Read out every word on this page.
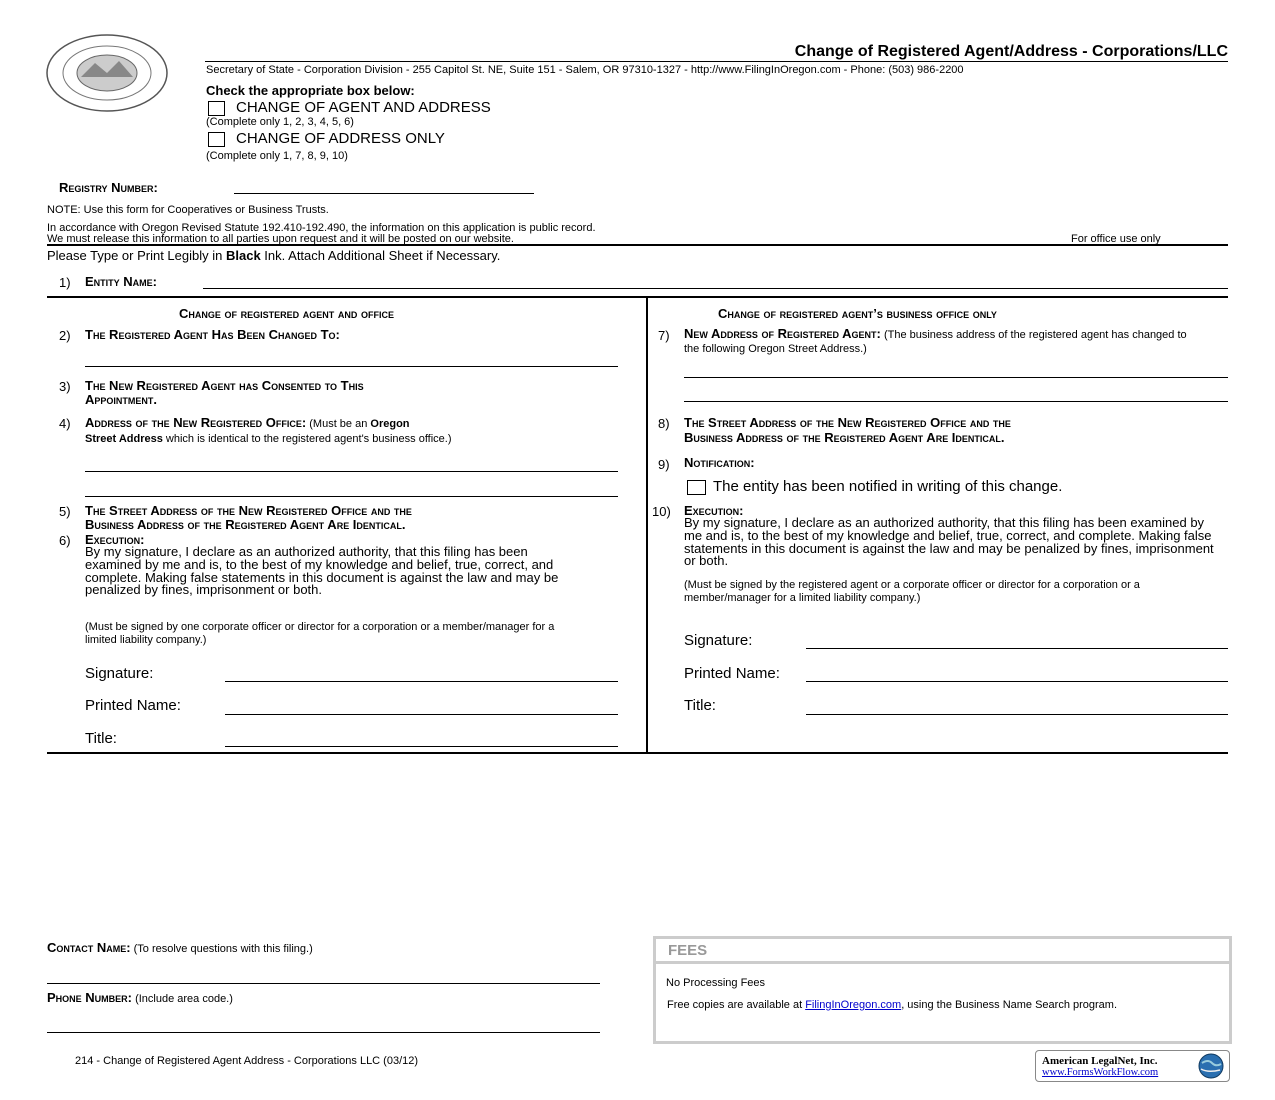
Change of Registered Agent/Address - Corporations/LLC
Secretary of State - Corporation Division - 255 Capitol St. NE, Suite 151 - Salem, OR 97310-1327 - http://www.FilingInOregon.com - Phone: (503) 986-2200
Check the appropriate box below:
CHANGE OF AGENT AND ADDRESS
(Complete only 1, 2, 3, 4, 5, 6)
CHANGE OF ADDRESS ONLY
(Complete only 1, 7, 8, 9, 10)
Registry Number:
NOTE: Use this form for Cooperatives or Business Trusts.
In accordance with Oregon Revised Statute 192.410-192.490, the information on this application is public record.
We must release this information to all parties upon request and it will be posted on our website.	For office use only
Please Type or Print Legibly in Black Ink. Attach Additional Sheet if Necessary.
1) Entity Name:
Change of registered agent and office
2) The Registered Agent Has Been Changed To:
3) The New Registered Agent has Consented to This
Appointment.
4) Address of the New Registered Office: (Must be an Oregon
Street Address which is identical to the registered agent's business office.)
5) The Street Address of the New Registered Office and the
Business Address of the Registered Agent Are Identical.
6) Execution:
By my signature, I declare as an authorized authority, that this filing has been examined by me and is, to the best of my knowledge and belief, true, correct, and complete. Making false statements in this document is against the law and may be penalized by fines, imprisonment or both.
(Must be signed by one corporate officer or director for a corporation or a member/manager for a limited liability company.)
Signature:
Printed Name:
Title:
Change of registered agent’s business office only
7) New Address of Registered Agent: (The business address of the registered agent has changed to the following Oregon Street Address.)
8) The Street Address of the New Registered Office and the
Business Address of the Registered Agent Are Identical.
9) Notification:
The entity has been notified in writing of this change.
10) Execution:
By my signature, I declare as an authorized authority, that this filing has been examined by me and is, to the best of my knowledge and belief, true, correct, and complete. Making false statements in this document is against the law and may be penalized by fines, imprisonment or both.
(Must be signed by the registered agent or a corporate officer or director for a corporation or a member/manager for a limited liability company.)
Signature:
Printed Name:
Title:
Contact Name: (To resolve questions with this filing.)
Phone Number: (Include area code.)
FEES
No Processing Fees
Free copies are available at FilingInOregon.com, using the Business Name Search program.
214 - Change of Registered Agent Address - Corporations LLC (03/12)	American LegalNet, Inc.
www.FormsWorkFlow.com
